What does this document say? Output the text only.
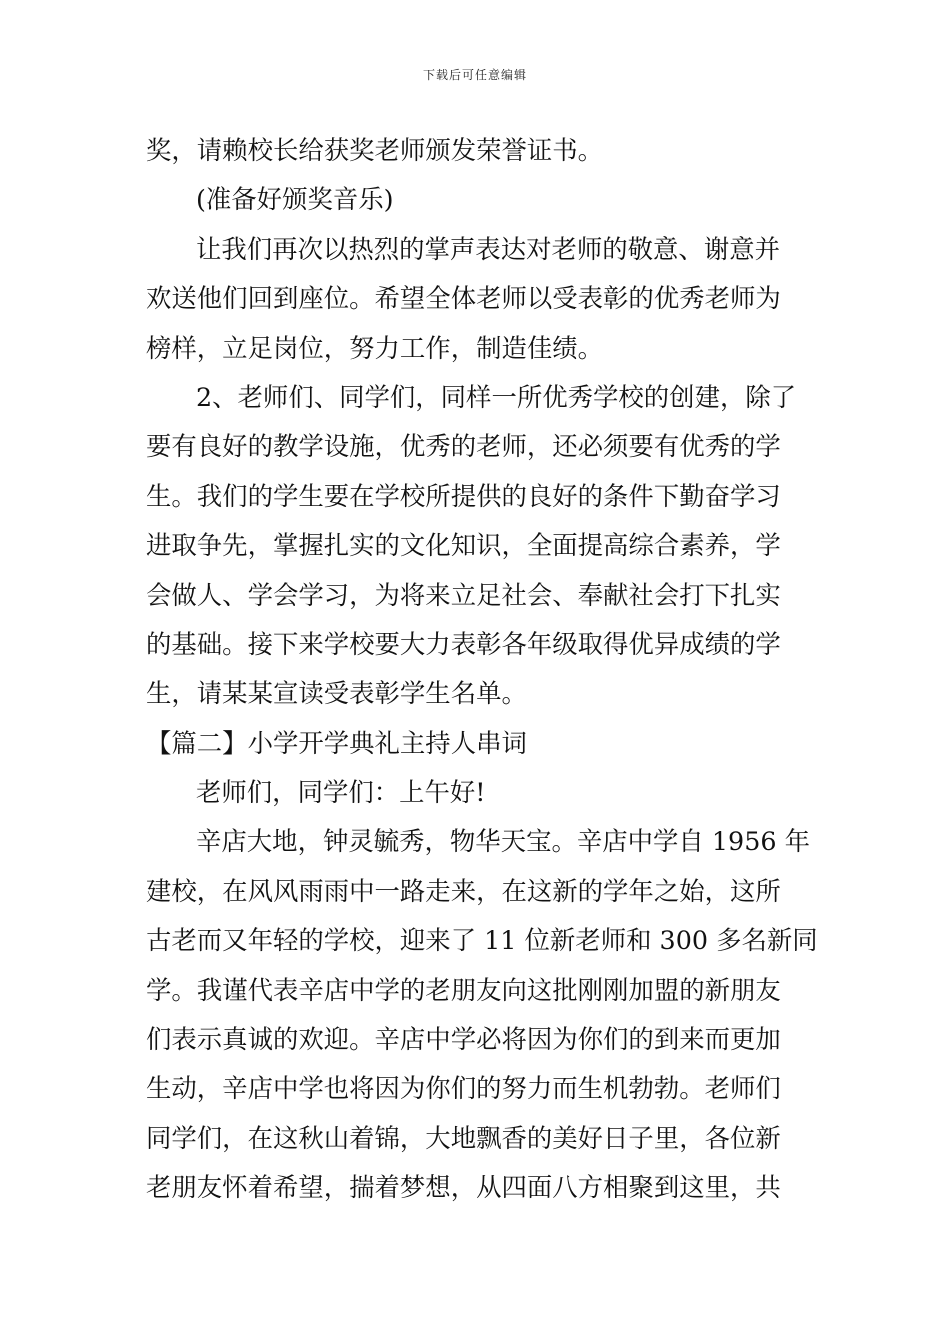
下载后可任意编辑
奖，请赖校长给获奖老师颁发荣誉证书。
(准备好颁奖音乐)
让我们再次以热烈的掌声表达对老师的敬意、谢意并
欢送他们回到座位。希望全体老师以受表彰的优秀老师为
榜样，立足岗位，努力工作，制造佳绩。
2、老师们、同学们，同样一所优秀学校的创建，除了
要有良好的教学设施，优秀的老师，还必须要有优秀的学
生。我们的学生要在学校所提供的良好的条件下勤奋学习
进取争先，掌握扎实的文化知识，全面提高综合素养，学
会做人、学会学习，为将来立足社会、奉献社会打下扎实
的基础。接下来学校要大力表彰各年级取得优异成绩的学
生，请某某宣读受表彰学生名单。
【篇二】小学开学典礼主持人串词
老师们，同学们：上午好!
辛店大地，钟灵毓秀，物华天宝。辛店中学自 1956 年
建校，在风风雨雨中一路走来，在这新的学年之始，这所
古老而又年轻的学校，迎来了 11 位新老师和 300 多名新同
学。我谨代表辛店中学的老朋友向这批刚刚加盟的新朋友
们表示真诚的欢迎。辛店中学必将因为你们的到来而更加
生动，辛店中学也将因为你们的努力而生机勃勃。老师们
同学们，在这秋山着锦，大地飘香的美好日子里，各位新
老朋友怀着希望，揣着梦想，从四面八方相聚到这里，共
